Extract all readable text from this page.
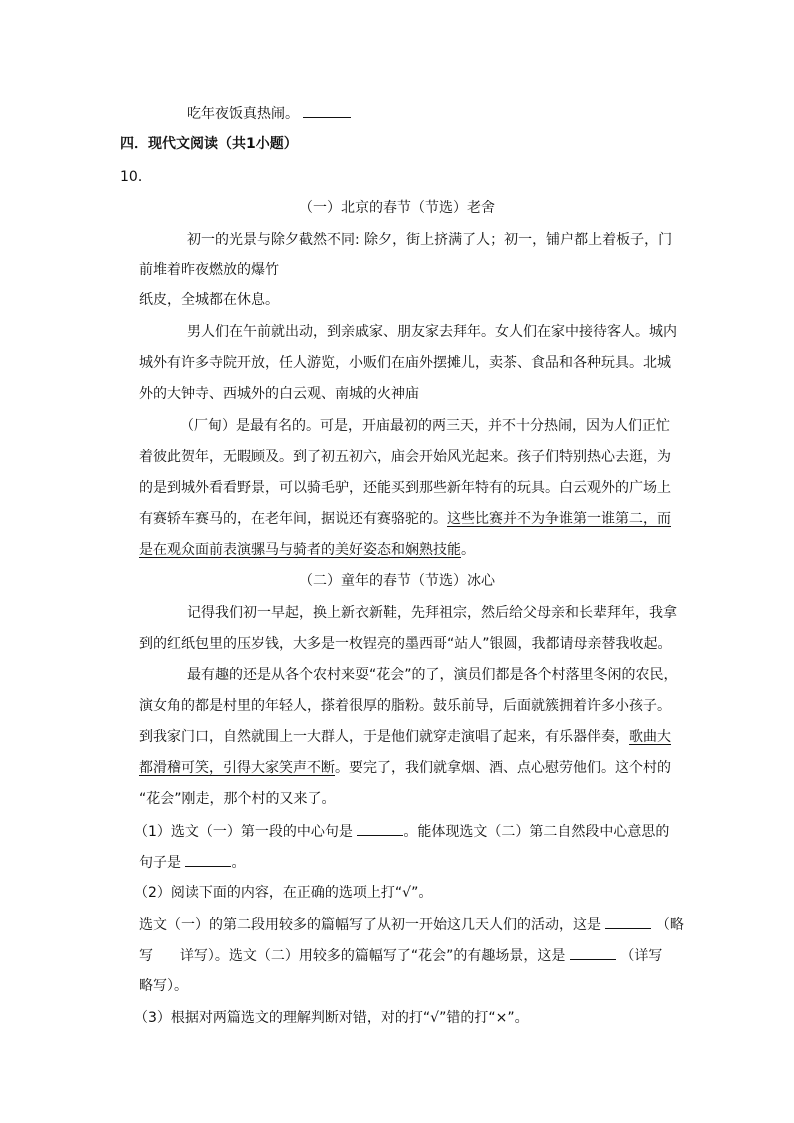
吃年夜饭真热闹。
四．现代文阅读（共1小题）
10．
（一）北京的春节（节选）老舍
初一的光景与除夕截然不同: 除夕，街上挤满了人；初一，铺户都上着板子，门
前堆着昨夜燃放的爆竹
纸皮，全城都在休息。
男人们在午前就出动，到亲戚家、朋友家去拜年。女人们在家中接待客人。城内
城外有许多寺院开放，任人游览，小贩们在庙外摆摊儿，卖茶、食品和各种玩具。北城
外的大钟寺、西城外的白云观、南城的火神庙
（厂甸）是最有名的。可是，开庙最初的两三天，并不十分热闹，因为人们正忙
着彼此贺年，无暇顾及。到了初五初六，庙会开始风光起来。孩子们特别热心去逛，为
的是到城外看看野景，可以骑毛驴，还能买到那些新年特有的玩具。白云观外的广场上
有赛轿车赛马的，在老年间，据说还有赛骆驼的。这些比赛并不为争谁第一谁第二，而
是在观众面前表演骡马与骑者的美好姿态和娴熟技能。
（二）童年的春节（节选）冰心
记得我们初一早起，换上新衣新鞋，先拜祖宗，然后给父母亲和长辈拜年，我拿
到的红纸包里的压岁钱，大多是一枚锃亮的墨西哥“站人”银圆，我都请母亲替我收起。
最有趣的还是从各个农村来耍“花会”的了，演员们都是各个村落里冬闲的农民，
演女角的都是村里的年轻人，搽着很厚的脂粉。鼓乐前导，后面就簇拥着许多小孩子。
到我家门口，自然就围上一大群人，于是他们就穿走演唱了起来，有乐器伴奏，歌曲大
都滑稽可笑，引得大家笑声不断。要完了，我们就拿烟、酒、点心慰劳他们。这个村的
“花会”刚走，那个村的又来了。
（1）选文（一）第一段的中心句是	。能体现选文（二）第二自然段中心意思的
句子是	。
（2）阅读下面的内容，在正确的选项上打“√”。
选文（一）的第二段用较多的篇幅写了从初一开始这几天人们的活动，这是	（略
写 详写）。选文（二）用较多的篇幅写了“花会”的有趣场景，这是	（详写
略写）。
（3）根据对两篇选文的理解判断对错，对的打“√”错的打“×”。
